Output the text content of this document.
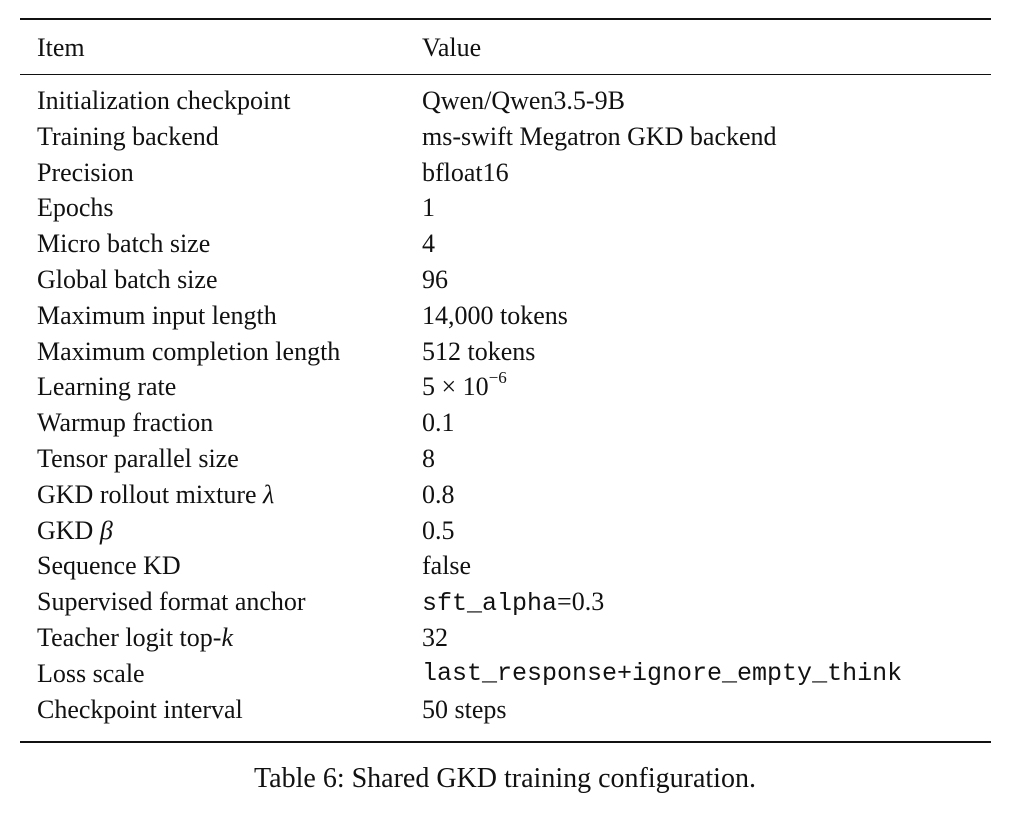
Item	Value
Initialization checkpoint	Qwen/Qwen3.5-9B
Training backend	ms-swift Megatron GKD backend
Precision	bfloat16
Epochs	1
Micro batch size	4
Global batch size	96
Maximum input length	14,000 tokens
Maximum completion length	512 tokens
Learning rate	$5 \times 10^{-6}$
Warmup fraction	0.1
Tensor parallel size	8
GKD rollout mixture λ	0.8
GKD β	0.5
Sequence KD	false
Supervised format anchor	sft_alpha=0.3
Teacher logit top-k	32
Loss scale	last_response+ignore_empty_think
Checkpoint interval	50 steps
Table 6: Shared GKD training configuration.
